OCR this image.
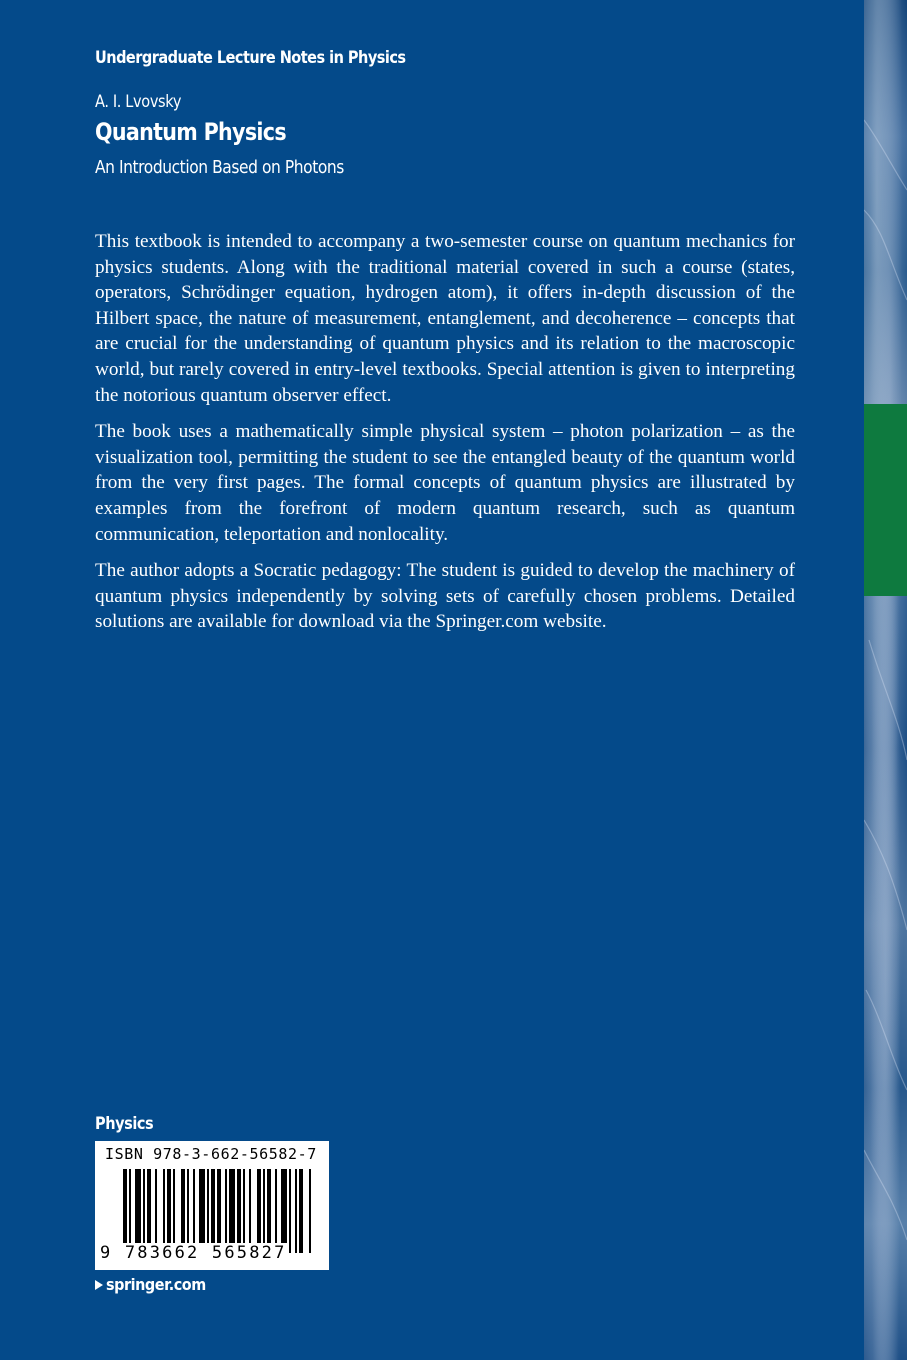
Undergraduate Lecture Notes in Physics
A. I. Lvovsky
Quantum Physics
An Introduction Based on Photons

This textbook is intended to accompany a two-semester course on quantum mechanics for physics students. Along with the traditional material covered in such a course (states, operators, Schrödinger equation, hydrogen atom), it offers in-depth discussion of the Hilbert space, the nature of measurement, entanglement, and decoherence – concepts that are crucial for the understanding of quantum physics and its relation to the macroscopic world, but rarely covered in entry-level textbooks. Special attention is given to interpreting the notorious quantum observer effect.

The book uses a mathematically simple physical system – photon polarization – as the visualization tool, permitting the student to see the entangled beauty of the quantum world from the very first pages. The formal concepts of quantum physics are illustrated by examples from the forefront of modern quantum research, such as quantum communication, teleportation and nonlocality.

The author adopts a Socratic pedagogy: The student is guided to develop the machinery of quantum physics independently by solving sets of carefully chosen problems. Detailed solutions are available for download via the Springer.com website.

Physics
ISBN 978-3-662-56582-7
9 783662 565827
springer.com
